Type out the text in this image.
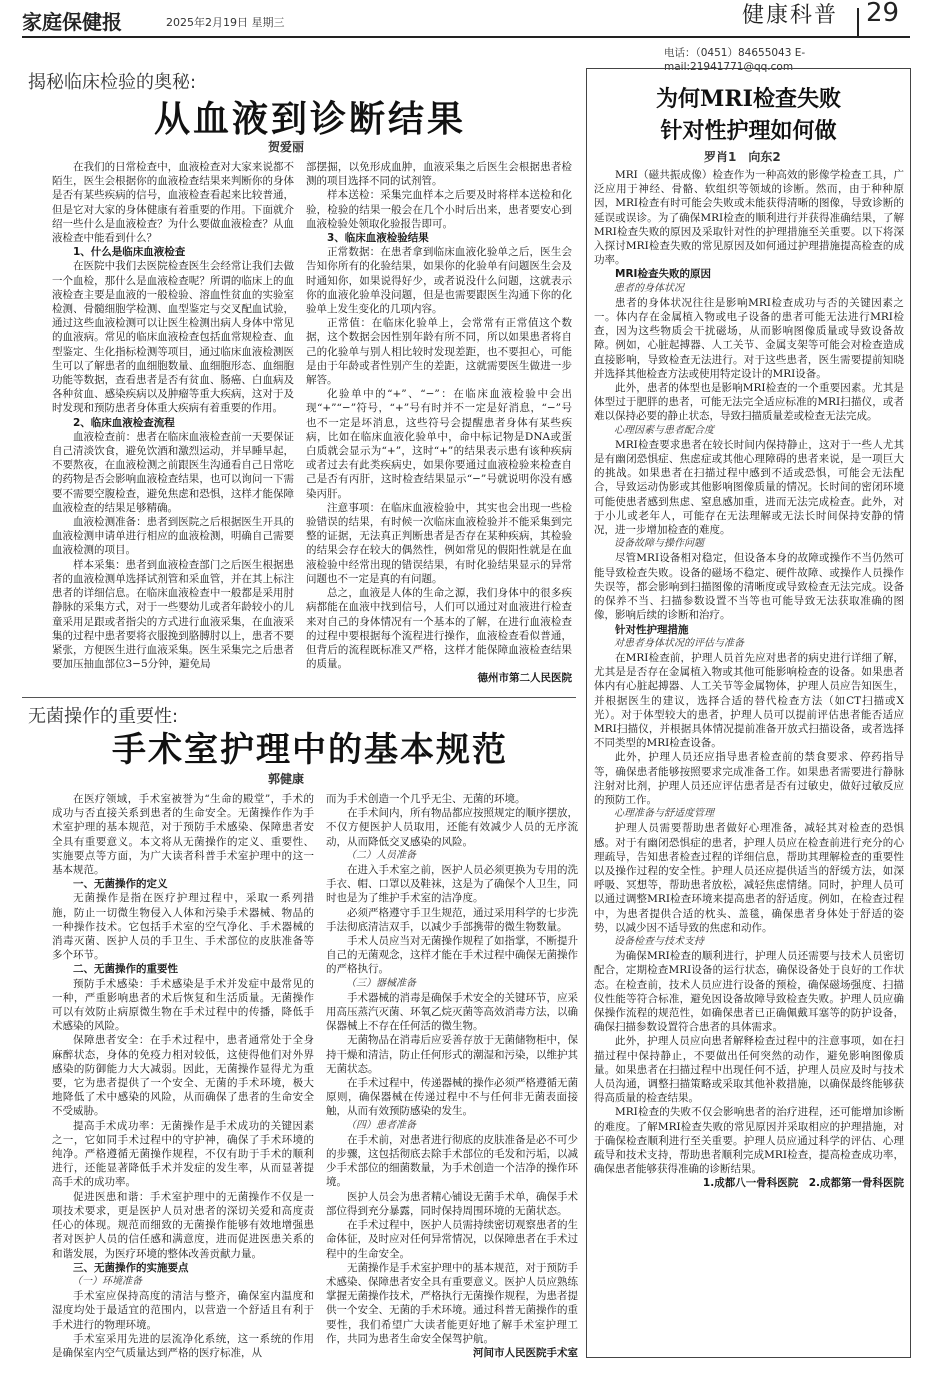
家庭保健报	2025年2月19日 星期三	健康科普 29
电话：（0451）84655043 E-mail:21941771@qq.com
揭秘临床检验的奥秘:
从血液到诊断结果
贺爱丽

在我们的日常检查中，血液检查对大家来说都不陌生，医生会根据你的血液检查结果来判断你的身体是否有某些疾病的信号，血液检查看起来比较普通，但是它对大家的身体健康有着重要的作用。下面就介绍一些什么是血液检查？为什么要做血液检查？从血液检查中能看到什么？

1、什么是临床血液检查

在医院中我们去医院检查医生会经常让我们去做一个血检，那什么是血液检查呢？所谓的临床上的血液检查主要是血液的一般检验、溶血性贫血的实验室检测、骨髓细胞学检测、血型鉴定与交叉配血试验，通过这些血液检测可以让医生检测出病人身体中常见的血液病。常见的临床血液检查包括血常规检查、血型鉴定、生化指标检测等项目，通过临床血液检测医生可以了解患者的血细胞数量、血细胞形态、血细胞功能等数据，查看患者是否有贫血、肠癌、白血病及各种贫血、感染疾病以及肿瘤等重大疾病，这对于及时发现和预防患者身体重大疾病有着重要的作用。

2、临床血液检查流程

血液检查前：患者在临床血液检查前一天要保证自己清淡饮食，避免饮酒和激烈运动，并早睡早起，不要熬夜，在血液检测之前跟医生沟通看自己日常吃的药物是否会影响血液检查结果，也可以询问一下需要不需要空腹检查，避免焦虑和恐惧，这样才能保障血液检查的结果足够精确。

血液检测准备：患者到医院之后根据医生开具的血液检测申请单进行相应的血液检测，明确自己需要血液检测的项目。

样本采集：患者到血液检查部门之后医生根据患者的血液检测单选择试剂管和采血管，并在其上标注患者的详细信息。在临床血液检查中一般都是采用肘静脉的采集方式，对于一些婴幼儿或者年龄较小的儿童采用足跟或者指尖的方式进行血液采集，在血液采集的过程中患者要将衣服挽到胳膊肘以上，患者不要紧张，方便医生进行血液采集。医生采集完之后患者要加压抽血部位3−5分钟，避免局

部摆掘，以免形成血肿，血液采集之后医生会根据患者检测的项目选择不同的试剂管。

样本送检：采集完血样本之后要及时将样本送检和化验，检验的结果一般会在几个小时后出来，患者要安心到血液检验处领取化验报告即可。

3、临床血液检验结果

正常数据：在患者拿到临床血液化验单之后，医生会告知你所有的化验结果，如果你的化验单有问题医生会及时通知你，如果说得好少，或者说没什么问题，这就表示你的血液化验单没问题，但是也需要跟医生沟通下你的化验单上发生变化的几项内容。

正常值：在临床化验单上，会常常有正常值这个数据，这个数据会因性别年龄有所不同，所以如果患者将自己的化验单与别人相比较时发现差距，也不要担心，可能是由于年龄或者性别产生的差距，这就需要医生做进一步解答。

化验单中的“+”、“−”：在临床血液检验中会出现“+”“−”符号，“+”号有时并不一定是好消息，“−”号也不一定是坏消息，这些符号会提醒患者身体有某些疾病，比如在临床血液化验单中，命中标记物是DNA或蛋白质就会显示为“+”，这时“+”的结果表示患有该种疾病或者过去有此类疾病史，如果你要通过血液检验来检查自己是否有丙肝，这时检查结果显示“−”号就说明你没有感染丙肝。

注意事项：在临床血液检验中，其实也会出现一些检验错误的结果，有时候一次临床血液检验并不能采集到完整的证据，无法真正判断患者是否存在某种疾病，其检验的结果会存在较大的偶然性，例如常见的假阳性就是在血液检验中经常出现的错误结果，有时化验结果显示的异常问题也不一定是真的有问题。

总之，血液是人体的生命之源，我们身体中的很多疾病都能在血液中找到信号，人们可以通过对血液进行检查来对自己的身体情况有一个基本的了解，在进行血液检查的过程中要根据每个流程进行操作，血液检查看似普通，但背后的流程既标准又严格，这样才能保障血液检查结果的质量。

德州市第二人民医院

无菌操作的重要性:
手术室护理中的基本规范
郭健康

在医疗领域，手术室被誉为“生命的殿堂”，手术的成功与否直接关系到患者的生命安全。无菌操作作为手术室护理的基本规范，对于预防手术感染、保障患者安全具有重要意义。本文将从无菌操作的定义、重要性、实施要点等方面，为广大读者科普手术室护理中的这一基本规范。

一、无菌操作的定义

无菌操作是指在医疗护理过程中，采取一系列措施，防止一切微生物侵入人体和污染手术器械、物品的一种操作技术。它包括手术室的空气净化、手术器械的消毒灭菌、医护人员的手卫生、手术部位的皮肤准备等多个环节。

二、无菌操作的重要性

预防手术感染：手术感染是手术并发症中最常见的一种，严重影响患者的术后恢复和生活质量。无菌操作可以有效防止病原微生物在手术过程中的传播，降低手术感染的风险。

保障患者安全：在手术过程中，患者通常处于全身麻醉状态，身体的免疫力相对较低，这使得他们对外界感染的防御能力大大减弱。因此，无菌操作显得尤为重要，它为患者提供了一个安全、无菌的手术环境，极大地降低了术中感染的风险，从而确保了患者的生命安全不受威胁。

提高手术成功率：无菌操作是手术成功的关键因素之一，它如同手术过程中的守护神，确保了手术环境的纯净。严格遵循无菌操作规程，不仅有助于手术的顺利进行，还能显著降低手术并发症的发生率，从而显著提高手术的成功率。

促进医患和谐：手术室护理中的无菌操作不仅是一项技术要求，更是医护人员对患者的深切关爱和高度责任心的体现。规范而细致的无菌操作能够有效地增强患者对医护人员的信任感和满意度，进而促进医患关系的和谐发展，为医疗环境的整体改善贡献力量。

三、无菌操作的实施要点
（一）环境准备

手术室应保持高度的清洁与整齐，确保室内温度和湿度均处于最适宜的范围内，以营造一个舒适且有利于手术进行的物理环境。

手术室采用先进的层流净化系统，这一系统的作用是确保室内空气质量达到严格的医疗标准，从

而为手术创造一个几乎无尘、无菌的环境。

在手术间内，所有物品都应按照规定的顺序摆放，不仅方便医护人员取用，还能有效减少人员的无序流动，从而降低交叉感染的风险。

（二）人员准备

在进入手术室之前，医护人员必须更换为专用的洗手衣、帽、口罩以及鞋袜，这是为了确保个人卫生，同时也是为了维护手术室的洁净度。

必须严格遵守手卫生规范，通过采用科学的七步洗手法彻底清洁双手，以减少手部携带的微生物数量。

手术人员应当对无菌操作规程了如指掌，不断提升自己的无菌观念，这样才能在手术过程中确保无菌操作的严格执行。

（三）器械准备

手术器械的消毒是确保手术安全的关键环节，应采用高压蒸汽灭菌、环氧乙烷灭菌等高效消毒方法，以确保器械上不存在任何活的微生物。

无菌物品在消毒后应妥善存放于无菌储物柜中，保持干燥和清洁，防止任何形式的潮湿和污染，以维护其无菌状态。

在手术过程中，传递器械的操作必须严格遵循无菌原则，确保器械在传递过程中不与任何非无菌表面接触，从而有效预防感染的发生。

（四）患者准备

在手术前，对患者进行彻底的皮肤准备是必不可少的步骤，这包括彻底去除手术部位的毛发和污垢，以减少手术部位的细菌数量，为手术创造一个洁净的操作环境。

医护人员会为患者精心铺设无菌手术单，确保手术部位得到充分暴露，同时保持周围环境的无菌状态。

在手术过程中，医护人员需持续密切观察患者的生命体征，及时应对任何异常情况，以保障患者在手术过程中的生命安全。

无菌操作是手术室护理中的基本规范，对于预防手术感染、保障患者安全具有重要意义。医护人员应熟练掌握无菌操作技术，严格执行无菌操作规程，为患者提供一个安全、无菌的手术环境。通过科普无菌操作的重要性，我们希望广大读者能更好地了解手术室护理工作，共同为患者生命安全保驾护航。

河间市人民医院手术室

为何MRI检查失败
针对性护理如何做
罗肖1　向东2

MRI（磁共振成像）检查作为一种高效的影像学检查工具，广泛应用于神经、骨骼、软组织等领域的诊断。然而，由于种种原因，MRI检查有时可能会失败或未能获得清晰的图像，导致诊断的延误或误诊。为了确保MRI检查的顺利进行并获得准确结果，了解MRI检查失败的原因及采取针对性的护理措施至关重要。以下将深入探讨MRI检查失败的常见原因及如何通过护理措施提高检查的成功率。

MRI检查失败的原因
患者的身体状况

患者的身体状况往往是影响MRI检查成功与否的关键因素之一。体内存在金属植入物或电子设备的患者可能无法进行MRI检查，因为这些物质会干扰磁场，从而影响图像质量或导致设备故障。例如，心脏起搏器、人工关节、金属支架等可能会对检查造成直接影响，导致检查无法进行。对于这些患者，医生需要提前知晓并选择其他检查方法或使用特定设计的MRI设备。

此外，患者的体型也是影响MRI检查的一个重要因素。尤其是体型过于肥胖的患者，可能无法完全适应标准的MRI扫描仪，或者难以保持必要的静止状态，导致扫描质量差或检查无法完成。

心理因素与患者配合度

MRI检查要求患者在较长时间内保持静止，这对于一些人尤其是有幽闭恐惧症、焦虑症或其他心理障碍的患者来说，是一项巨大的挑战。如果患者在扫描过程中感到不适或恐惧，可能会无法配合，导致运动伪影或其他影响图像质量的情况。长时间的密闭环境可能使患者感到焦虑、窒息感加重，进而无法完成检查。此外，对于小儿或老年人，可能存在无法理解或无法长时间保持安静的情况，进一步增加检查的难度。

设备故障与操作问题

尽管MRI设备相对稳定，但设备本身的故障或操作不当仍然可能导致检查失败。设备的磁场不稳定、硬件故障、或操作人员操作失误等，都会影响到扫描图像的清晰度或导致检查无法完成。设备的保养不当、扫描参数设置不当等也可能导致无法获取准确的图像，影响后续的诊断和治疗。

针对性护理措施
对患者身体状况的评估与准备

在MRI检查前，护理人员首先应对患者的病史进行详细了解，尤其是是否存在金属植入物或其他可能影响检查的设备。如果患者体内有心脏起搏器、人工关节等金属物体，护理人员应告知医生，并根据医生的建议，选择合适的替代检查方法（如CT扫描或X光）。对于体型较大的患者，护理人员可以提前评估患者能否适应MRI扫描仪，并根据具体情况提前准备开放式扫描设备，或者选择不同类型的MRI检查设备。

此外，护理人员还应指导患者检查前的禁食要求、停药指导等，确保患者能够按照要求完成准备工作。如果患者需要进行静脉注射对比剂，护理人员还应评估患者是否有过敏史，做好过敏反应的预防工作。

心理准备与舒适度管理

护理人员需要帮助患者做好心理准备，减轻其对检查的恐惧感。对于有幽闭恐惧症的患者，护理人员应在检查前进行充分的心理疏导，告知患者检查过程的详细信息，帮助其理解检查的重要性以及操作过程的安全性。护理人员还应提供适当的舒缓方法，如深呼吸、冥想等，帮助患者放松，减轻焦虑情绪。同时，护理人员可以通过调整MRI检查环境来提高患者的舒适度。例如，在检查过程中，为患者提供合适的枕头、盖毯，确保患者身体处于舒适的姿势，以减少因不适导致的焦虑和动作。

设备检查与技术支持

为确保MRI检查的顺利进行，护理人员还需要与技术人员密切配合，定期检查MRI设备的运行状态，确保设备处于良好的工作状态。在检查前，技术人员应进行设备的预检，确保磁场强度、扫描仪性能等符合标准，避免因设备故障导致检查失败。护理人员应确保操作流程的规范性，如确保患者已正确佩戴耳塞等的防护设备，确保扫描参数设置符合患者的具体需求。

此外，护理人员应向患者解释检查过程中的注意事项，如在扫描过程中保持静止，不要做出任何突然的动作，避免影响图像质量。如果患者在扫描过程中出现任何不适，护理人员应及时与技术人员沟通，调整扫描策略或采取其他补救措施，以确保最终能够获得高质量的检查结果。

MRI检查的失败不仅会影响患者的治疗进程，还可能增加诊断的难度。了解MRI检查失败的常见原因并采取相应的护理措施，对于确保检查顺利进行至关重要。护理人员应通过科学的评估、心理疏导和技术支持，帮助患者顺利完成MRI检查，提高检查成功率，确保患者能够获得准确的诊断结果。

1.成都八一骨科医院　2.成都第一骨科医院
